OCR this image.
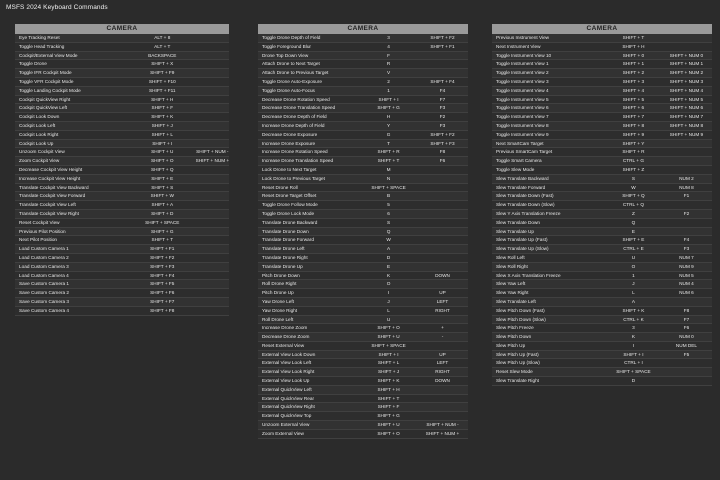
MSFS 2024 Keyboard Commands
CAMERA
Eye Tracking Reset	ALT + 8
Toggle Head Tracking	ALT + T
Cockpit/External View Mode	BACKSPACE
Toggle Drone	SHIFT + X
Toggle IFR Cockpit Mode	SHIFT + F9
Toggle VFR Cockpit Mode	SHIFT + F10
Toggle Landing Cockpit Mode	SHIFT + F11
Cockpit QuickView Right	SHIFT + H
Cockpit QuickView Left	SHIFT + F
Cockpit Look Down	SHIFT + K
Cockpit Look Left	SHIFT + J
Cockpit Look Right	SHIFT + L
Cockpit Look Up	SHIFT + I
Unzoom Cockpit View	SHIFT + U	SHIFT + NUM -
Zoom Cockpit View	SHIFT + O	SHIFT + NUM +
Decrease Cockpit View Height	SHIFT + Q
Increase Cockpit View Height	SHIFT + E
Translate Cockpit View Backward	SHIFT + S
Translate Cockpit View Forward	SHIFT + W
Translate Cockpit View Left	SHIFT + A
Translate Cockpit View Right	SHIFT + D
Reset Cockpit View	SHIFT + SPACE
Previous Pilot Position	SHIFT + G
Next Pilot Position	SHIFT + T
Load Custom Camera 1	SHIFT + F1
Load Custom Camera 2	SHIFT + F2
Load Custom Camera 3	SHIFT + F3
Load Custom Camera 4	SHIFT + F4
Save Custom Camera 1	SHIFT + F5
Save Custom Camera 2	SHIFT + F6
Save Custom Camera 3	SHIFT + F7
Save Custom Camera 4	SHIFT + F8
CAMERA
Toggle Drone Depth of Field	3	SHIFT + F2
Toggle Foreground Blur	4	SHIFT + F1
Drone Top Down View	F
Attach Drone to Next Target	R
Attach Drone to Previous Target	V
Toggle Drone Auto-Exposure	2	SHIFT + F4
Toggle Drone Auto-Focus	1	F4
Decrease Drone Rotation Speed	SHIFT + I	F7
Decrease Drone Translation Speed	SHIFT + G	F3
Decrease Drone Depth of Field	H	F2
Increase Drone Depth of Field	Y	F3
Decrease Drone Exposure	G	SHIFT + F2
Increase Drone Exposure	T	SHIFT + F3
Increase Drone Rotation Speed	SHIFT + R	F8
Increase Drone Translation Speed	SHIFT + T	F6
Lock Drone to Next Target	M
Lock Drone to Previous Target	N
Reset Drone Roll	SHIFT + SPACE
Reset Drone Target Offset	B
Toggle Drone Follow Mode	5
Toggle Drone Lock Mode	6
Translate Drone Backward	S
Translate Drone Down	Q
Translate Drone Forward	W
Translate Drone Left	A
Translate Drone Right	D
Translate Drone Up	E
Pitch Drone Down	K	DOWN
Roll Drone Right	O
Pitch Drone Up	I	UP
Yaw Drone Left	J	LEFT
Yaw Drone Right	L	RIGHT
Roll Drone Left	U
Increase Drone Zoom	SHIFT + O	+
Decrease Drone Zoom	SHIFT + U	-
Reset External View	SHIFT + SPACE
External View Look Down	SHIFT + I	UP
External View Look Left	SHIFT + L	LEFT
External View Look Right	SHIFT + J	RIGHT
External View Look Up	SHIFT + K	DOWN
External QuickView Left	SHIFT + H
External QuickView Rear	SHIFT + T
External QuickView Right	SHIFT + F
External QuickView Top	SHIFT + G
Unzoom External View	SHIFT + U	SHIFT + NUM -
Zoom External View	SHIFT + O	SHIFT + NUM +
CAMERA
Previous Instrument View	SHIFT + T
Next Instrument View	SHIFT + H
Toggle Instrument View 10	SHIFT + 0	SHIFT + NUM 0
Toggle Instrument View 1	SHIFT + 1	SHIFT + NUM 1
Toggle Instrument View 2	SHIFT + 2	SHIFT + NUM 2
Toggle Instrument View 3	SHIFT + 3	SHIFT + NUM 3
Toggle Instrument View 4	SHIFT + 4	SHIFT + NUM 4
Toggle Instrument View 5	SHIFT + 5	SHIFT + NUM 5
Toggle Instrument View 6	SHIFT + 6	SHIFT + NUM 6
Toggle Instrument View 7	SHIFT + 7	SHIFT + NUM 7
Toggle Instrument View 8	SHIFT + 8	SHIFT + NUM 8
Toggle Instrument View 9	SHIFT + 9	SHIFT + NUM 9
Next SmartCam Target	SHIFT + Y
Previous SmartCam Target	SHIFT + R
Toggle Smart Camera	CTRL + G
Toggle Slew Mode	SHIFT + Z
Slew Translate Backward	S	NUM 2
Slew Translate Forward	W	NUM 8
Slew Translate Down (Fast)	SHIFT + Q	F1
Slew Translate Down (Slow)	CTRL + Q
Slew Y Axis Translation Freeze	Z	F2
Slew Translate Down	Q
Slew Translate Up	E
Slew Translate Up (Fast)	SHIFT + E	F4
Slew Translate Up (Slow)	CTRL + E	F3
Slew Roll Left	U	NUM 7
Slew Roll Right	O	NUM 9
Slew X Axis Translation Freeze	1	NUM 5
Slew Yaw Left	J	NUM 4
Slew Yaw Right	L	NUM 6
Slew Translate Left	A
Slew Pitch Down (Fast)	SHIFT + K	F8
Slew Pitch Down (Slow)	CTRL + K	F7
Slew Pitch Freeze	3	F6
Slew Pitch Down	K	NUM 0
Slew Pitch Up	I	NUM DEL
Slew Pitch Up (Fast)	SHIFT + I	F5
Slew Pitch Up (Slow)	CTRL + I
Reset Slew Mode	SHIFT + SPACE
Slew Translate Right	D
